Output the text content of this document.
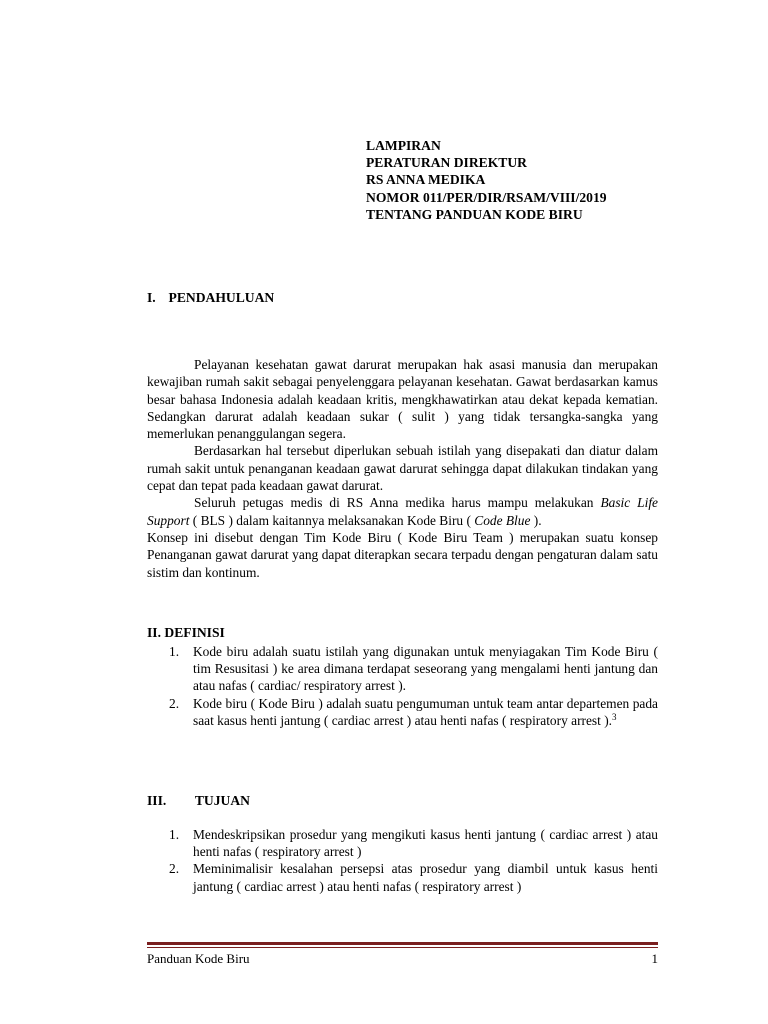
LAMPIRAN
PERATURAN DIREKTUR
RS ANNA MEDIKA
NOMOR 011/PER/DIR/RSAM/VIII/2019
TENTANG PANDUAN KODE BIRU
I. PENDAHULUAN

Pelayanan kesehatan gawat darurat merupakan hak asasi manusia dan merupakan kewajiban rumah sakit sebagai penyelenggara pelayanan kesehatan. Gawat berdasarkan kamus besar bahasa Indonesia adalah keadaan kritis, mengkhawatirkan atau dekat kepada kematian. Sedangkan darurat adalah keadaan sukar ( sulit ) yang tidak tersangka-sangka yang memerlukan penanggulangan segera.

Berdasarkan hal tersebut diperlukan sebuah istilah yang disepakati dan diatur dalam rumah sakit untuk penanganan keadaan gawat darurat sehingga dapat dilakukan tindakan yang cepat dan tepat pada keadaan gawat darurat.

Seluruh petugas medis di RS Anna medika harus mampu melakukan Basic Life Support ( BLS ) dalam kaitannya melaksanakan Kode Biru ( Code Blue ).

Konsep ini disebut dengan Tim Kode Biru ( Kode Biru Team ) merupakan suatu konsep Penanganan gawat darurat yang dapat diterapkan secara terpadu dengan pengaturan dalam satu sistim dan kontinum.

II. DEFINISI
1. Kode biru adalah suatu istilah yang digunakan untuk menyiagakan Tim Kode Biru ( tim Resusitasi ) ke area dimana terdapat seseorang yang mengalami henti jantung dan atau nafas ( cardiac/ respiratory arrest ).
2. Kode biru ( Kode Biru ) adalah suatu pengumuman untuk team antar departemen pada saat kasus henti jantung ( cardiac arrest ) atau henti nafas ( respiratory arrest ).$^3$
III. TUJUAN
1. Mendeskripsikan prosedur yang mengikuti kasus henti jantung ( cardiac arrest ) atau henti nafas ( respiratory arrest )
2. Meminimalisir kesalahan persepsi atas prosedur yang diambil untuk kasus henti jantung ( cardiac arrest ) atau henti nafas ( respiratory arrest )
Panduan Kode Biru	1
